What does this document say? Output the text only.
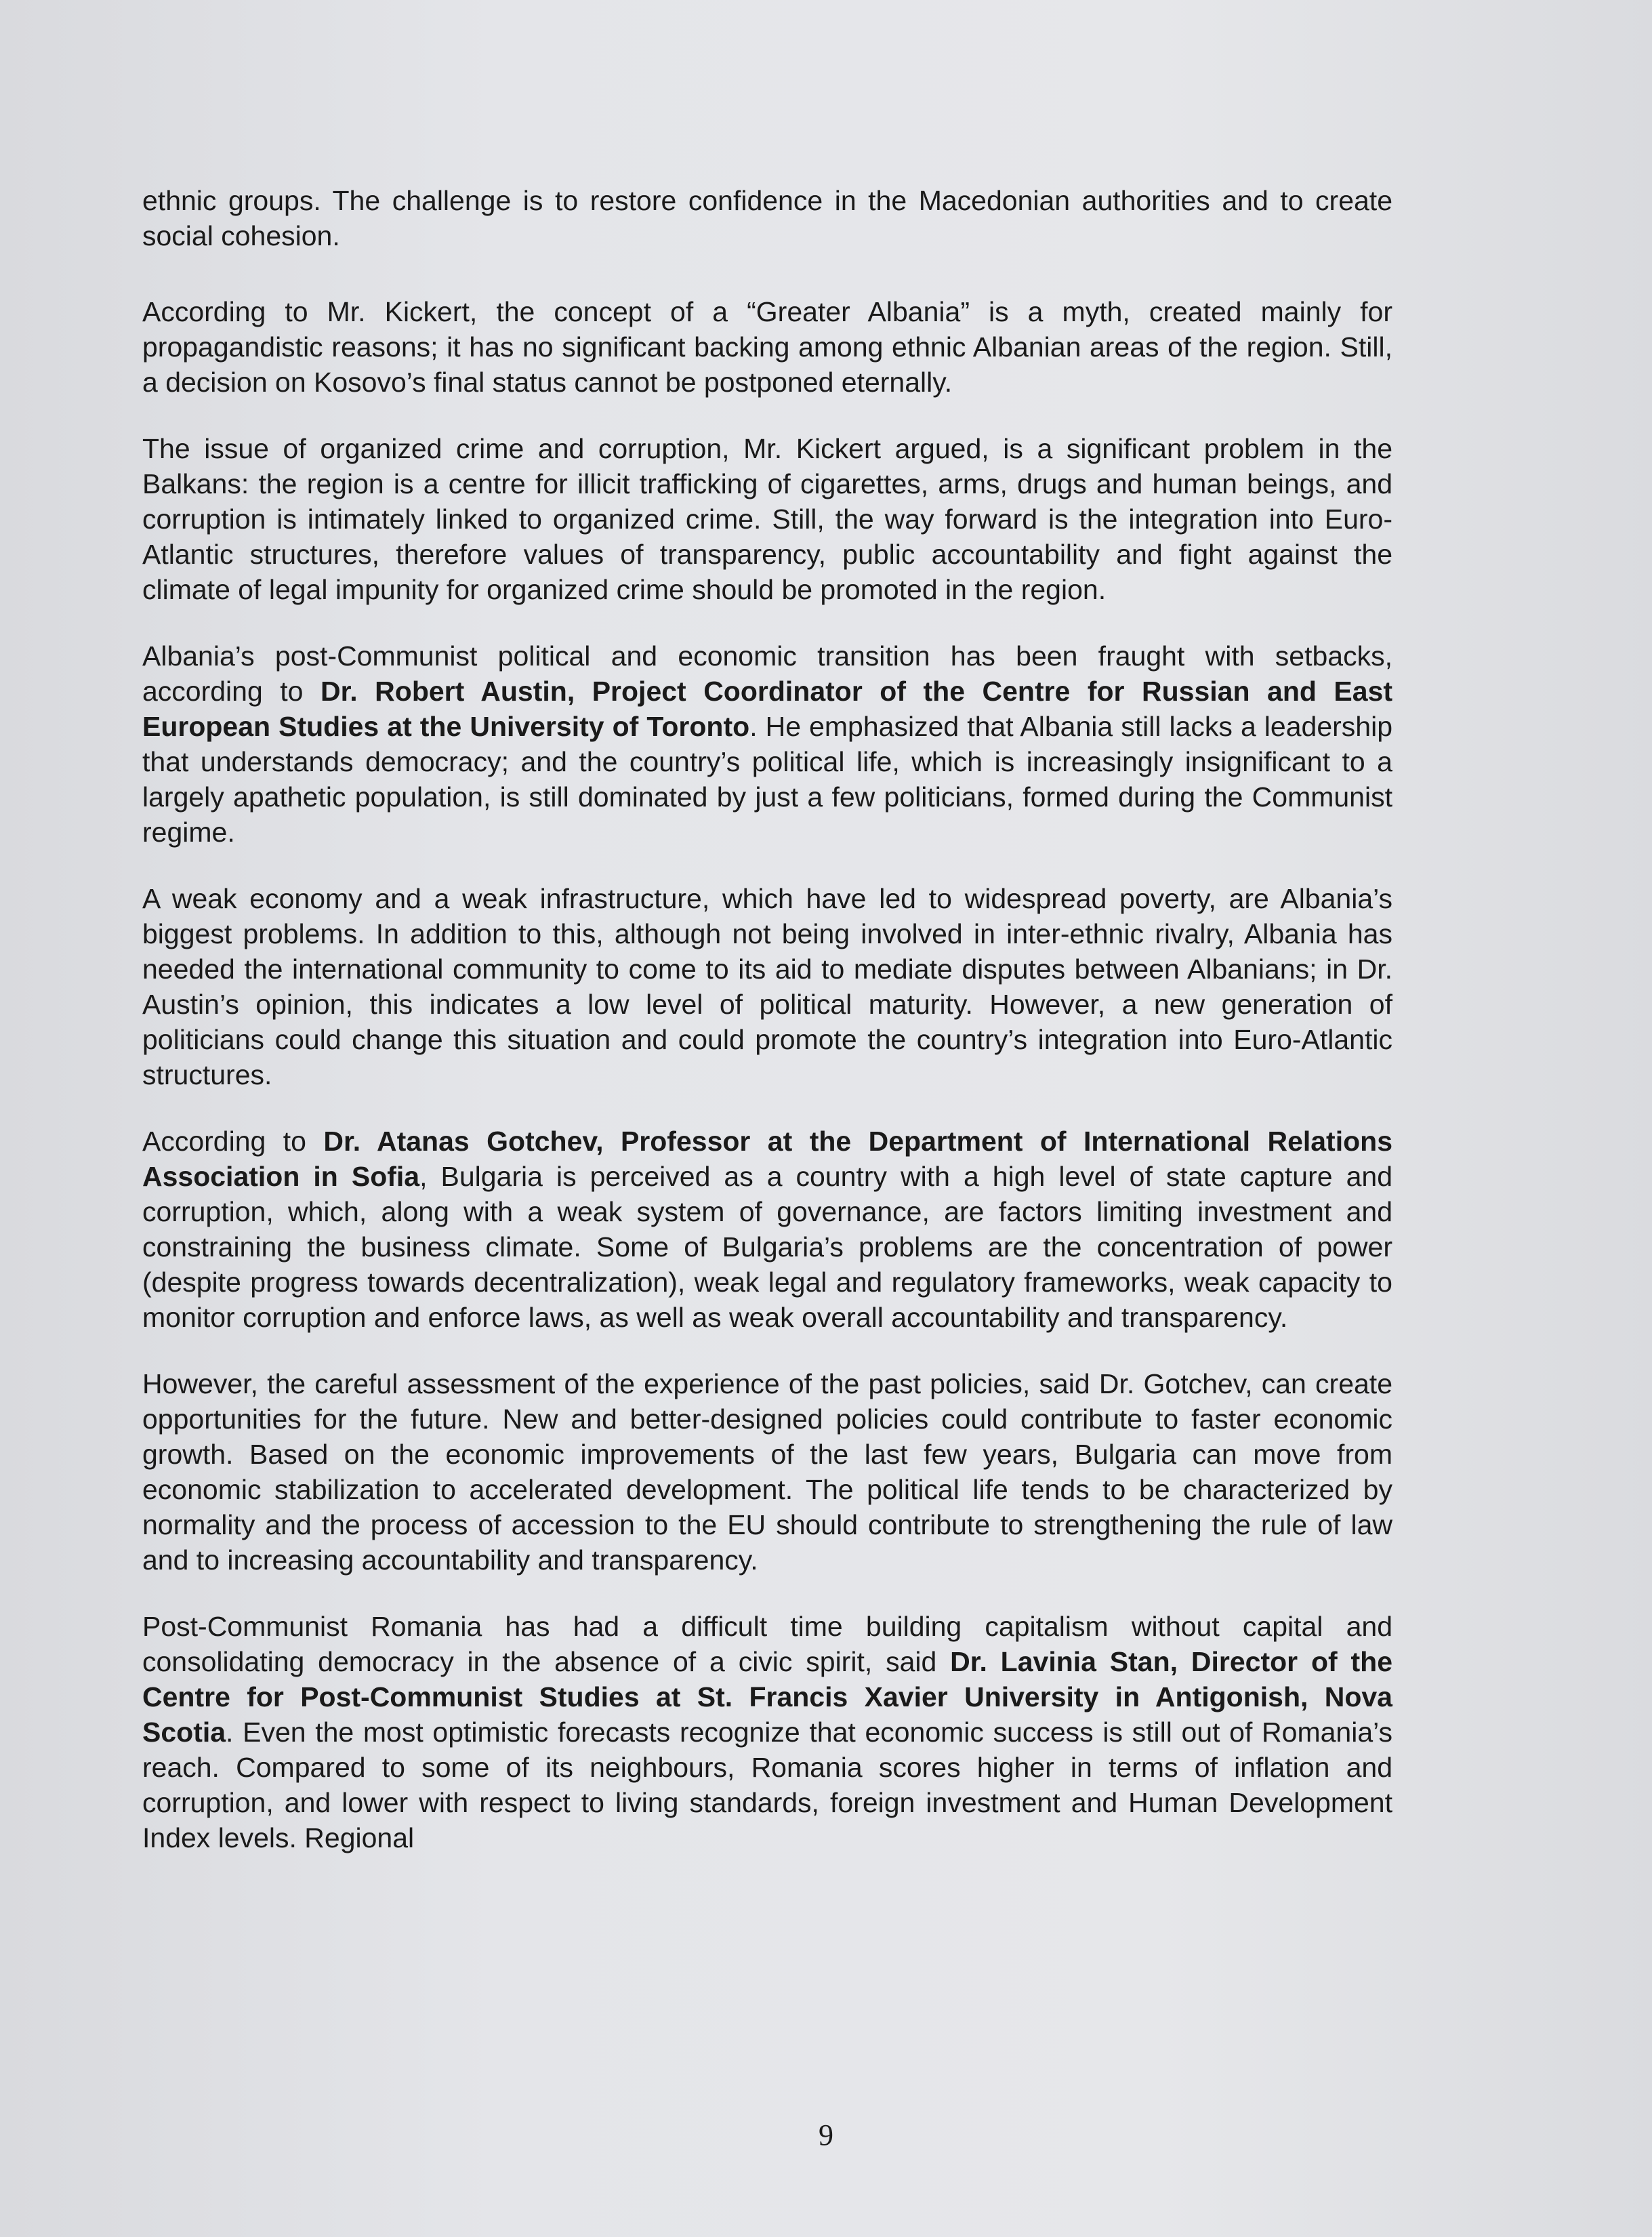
ethnic groups. The challenge is to restore confidence in the Macedonian authorities and to create social cohesion.

According to Mr. Kickert, the concept of a “Greater Albania” is a myth, created mainly for propagandistic reasons; it has no significant backing among ethnic Albanian areas of the region. Still, a decision on Kosovo’s final status cannot be postponed eternally.

The issue of organized crime and corruption, Mr. Kickert argued, is a significant problem in the Balkans: the region is a centre for illicit trafficking of cigarettes, arms, drugs and human beings, and corruption is intimately linked to organized crime. Still, the way forward is the integration into Euro-Atlantic structures, therefore values of transparency, public accountability and fight against the climate of legal impunity for organized crime should be promoted in the region.

Albania’s post-Communist political and economic transition has been fraught with setbacks, according to Dr. Robert Austin, Project Coordinator of the Centre for Russian and East European Studies at the University of Toronto. He emphasized that Albania still lacks a leadership that understands democracy; and the country’s political life, which is increasingly insignificant to a largely apathetic population, is still dominated by just a few politicians, formed during the Communist regime.

A weak economy and a weak infrastructure, which have led to widespread poverty, are Albania’s biggest problems. In addition to this, although not being involved in inter-ethnic rivalry, Albania has needed the international community to come to its aid to mediate disputes between Albanians; in Dr. Austin’s opinion, this indicates a low level of political maturity. However, a new generation of politicians could change this situation and could promote the country’s integration into Euro-Atlantic structures.

According to Dr. Atanas Gotchev, Professor at the Department of International Relations Association in Sofia, Bulgaria is perceived as a country with a high level of state capture and corruption, which, along with a weak system of governance, are factors limiting investment and constraining the business climate. Some of Bulgaria’s problems are the concentration of power (despite progress towards decentralization), weak legal and regulatory frameworks, weak capacity to monitor corruption and enforce laws, as well as weak overall accountability and transparency.

However, the careful assessment of the experience of the past policies, said Dr. Gotchev, can create opportunities for the future. New and better-designed policies could contribute to faster economic growth. Based on the economic improvements of the last few years, Bulgaria can move from economic stabilization to accelerated development. The political life tends to be characterized by normality and the process of accession to the EU should contribute to strengthening the rule of law and to increasing accountability and transparency.

Post-Communist Romania has had a difficult time building capitalism without capital and consolidating democracy in the absence of a civic spirit, said Dr. Lavinia Stan, Director of the Centre for Post-Communist Studies at St. Francis Xavier University in Antigonish, Nova Scotia. Even the most optimistic forecasts recognize that economic success is still out of Romania’s reach. Compared to some of its neighbours, Romania scores higher in terms of inflation and corruption, and lower with respect to living standards, foreign investment and Human Development Index levels. Regional

9
